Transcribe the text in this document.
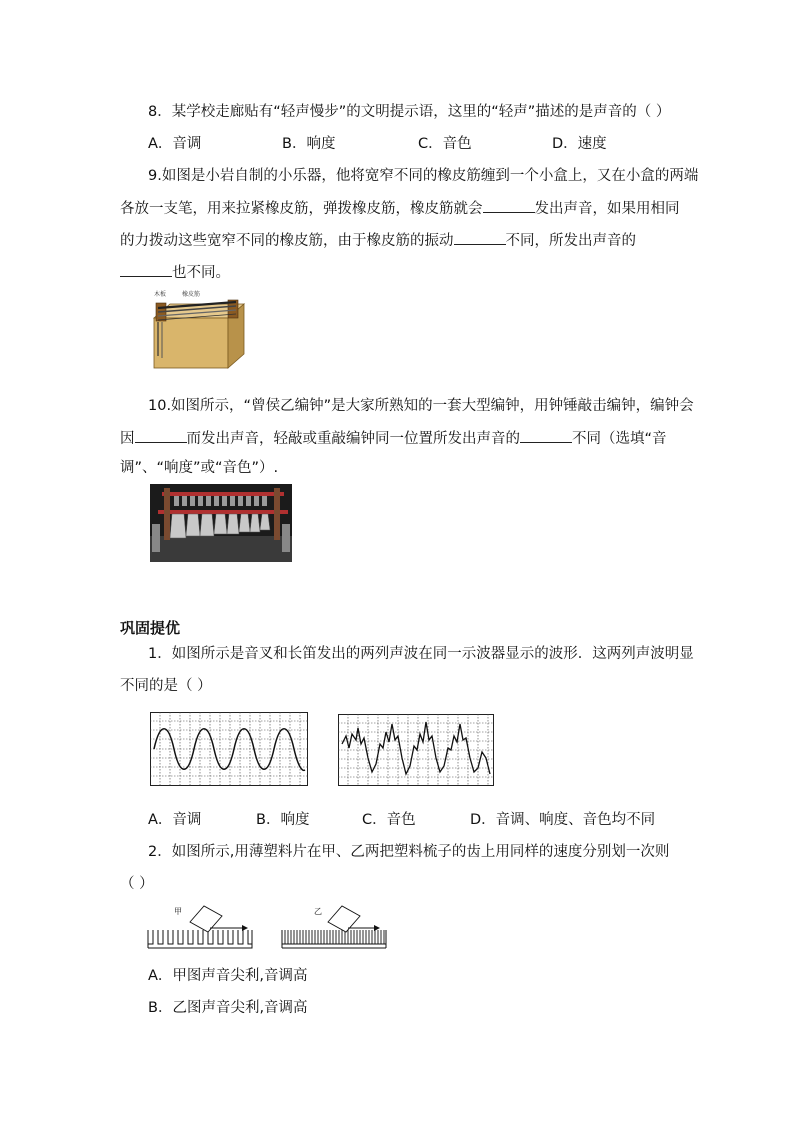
8．某学校走廊贴有“轻声慢步”的文明提示语，这里的“轻声”描述的是声音的（ ）
A．音调	B．响度	C．音色	D．速度
9.如图是小岩自制的小乐器，他将宽窄不同的橡皮筋缠到一个小盒上，又在小盒的两端
各放一支笔，用来拉紧橡皮筋，弹拨橡皮筋，橡皮筋就会	发出声音，如果用相同
的力拨动这些宽窄不同的橡皮筋，由于橡皮筋的振动	不同，所发出声音的
也不同。
木板	橡皮筋
10.如图所示，“曾侯乙编钟”是大家所熟知的一套大型编钟，用钟锤敲击编钟，编钟会
因	而发出声音，轻敲或重敲编钟同一位置所发出声音的	不同（选填“音
调”、“响度”或“音色”）.
巩固提优
1．如图所示是音叉和长笛发出的两列声波在同一示波器显示的波形．这两列声波明显
不同的是（ ）
A．音调	B．响度	C．音色	D．音调、响度、音色均不同
2．如图所示,用薄塑料片在甲、乙两把塑料梳子的齿上用同样的速度分别划一次则
（ ）
甲	乙
A．甲图声音尖利,音调高
B．乙图声音尖利,音调高
